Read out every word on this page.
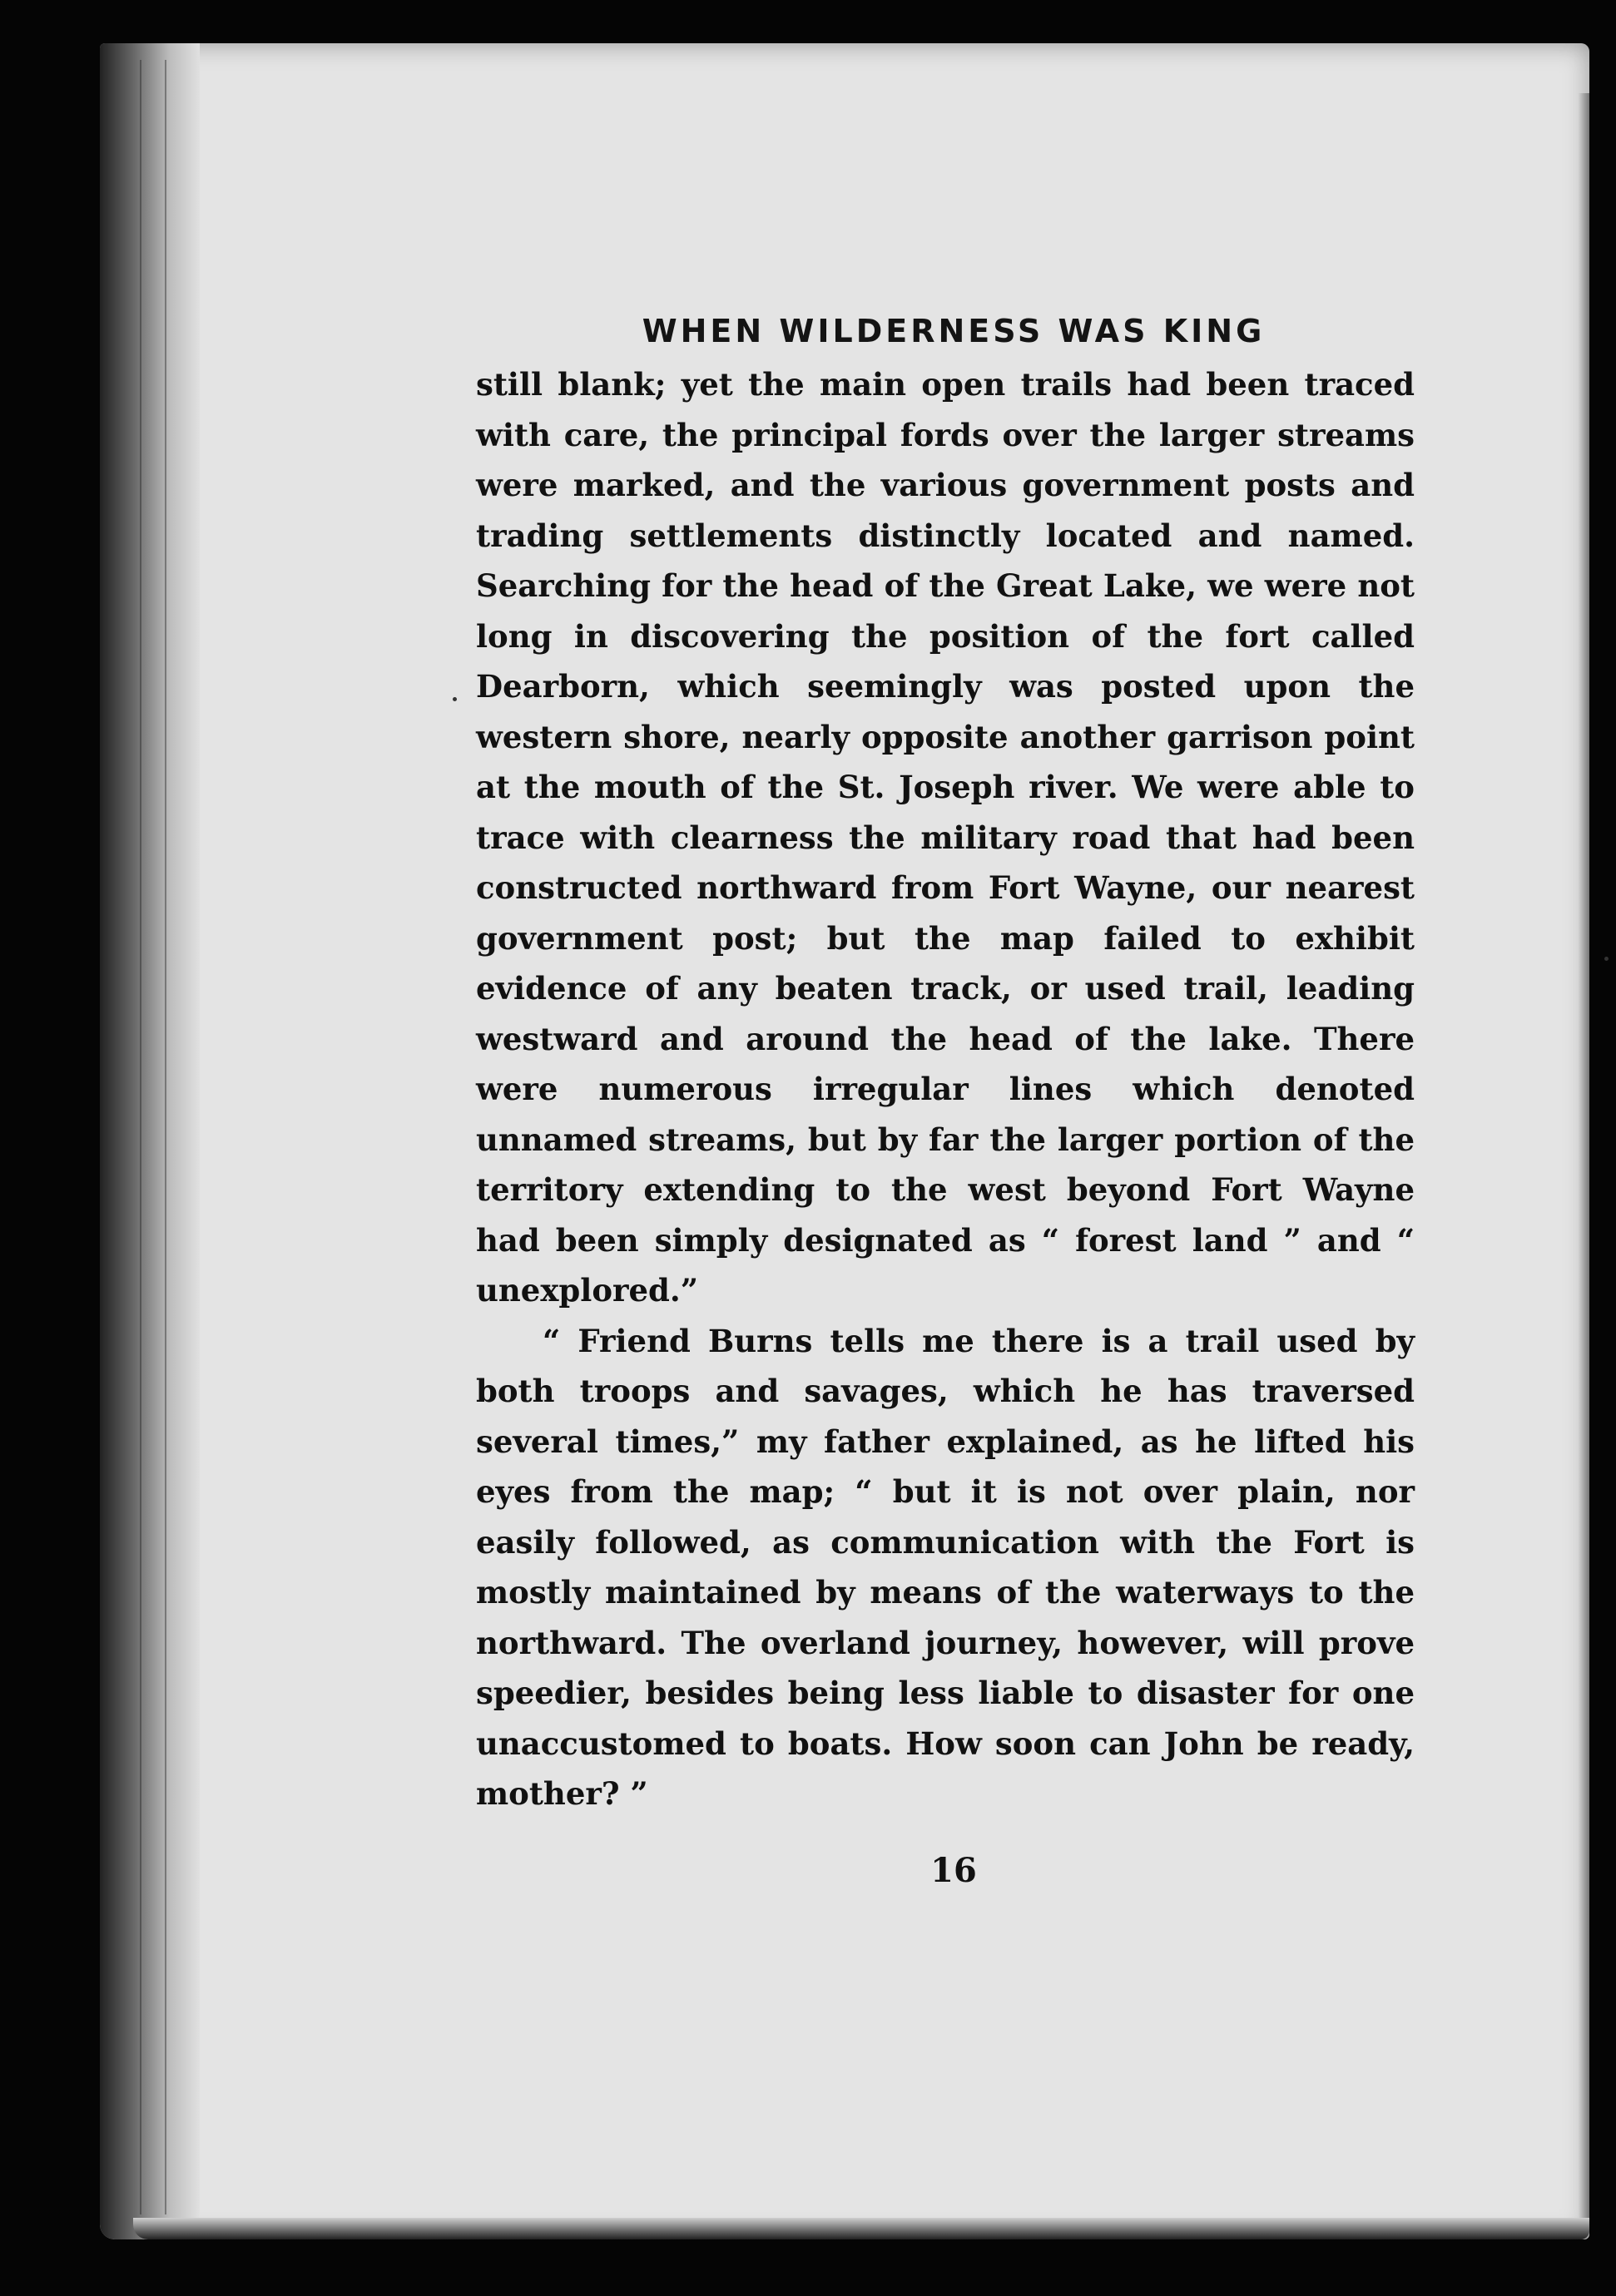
WHEN WILDERNESS WAS KING

still blank; yet the main open trails had been traced with care, the principal fords over the larger streams were marked, and the various government posts and trading settlements distinctly located and named. Searching for the head of the Great Lake, we were not long in discovering the position of the fort called Dearborn, which seemingly was posted upon the western shore, nearly opposite another garrison point at the mouth of the St. Joseph river. We were able to trace with clearness the military road that had been constructed northward from Fort Wayne, our nearest government post; but the map failed to exhibit evidence of any beaten track, or used trail, leading westward and around the head of the lake. There were numerous irregular lines which denoted unnamed streams, but by far the larger portion of the territory extending to the west beyond Fort Wayne had been simply designated as “ forest land ” and “ unexplored.”

“ Friend Burns tells me there is a trail used by both troops and savages, which he has traversed several times,” my father explained, as he lifted his eyes from the map; “ but it is not over plain, nor easily followed, as communication with the Fort is mostly maintained by means of the waterways to the northward. The overland journey, however, will prove speedier, besides being less liable to disaster for one unaccustomed to boats. How soon can John be ready, mother? ”

16
